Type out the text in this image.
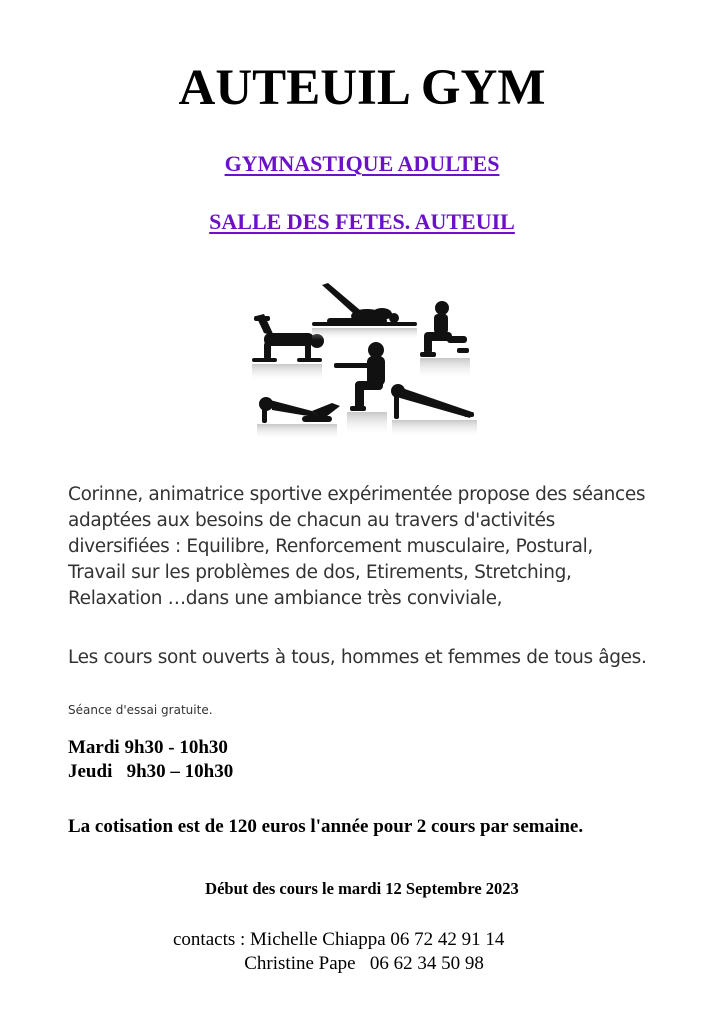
AUTEUIL GYM
GYMNASTIQUE ADULTES
SALLE DES FETES. AUTEUIL

Corinne, animatrice sportive expérimentée propose des séances adaptées aux besoins de chacun au travers d'activités diversifiées : Equilibre, Renforcement musculaire, Postural, Travail sur les problèmes de dos, Etirements, Stretching, Relaxation …dans une ambiance très conviviale,

Les cours sont ouverts à tous, hommes et femmes de tous âges.

Séance d'essai gratuite.

Mardi 9h30 - 10h30
Jeudi   9h30 – 10h30

La cotisation est de 120 euros l'année pour 2 cours par semaine.

Début des cours le mardi 12 Septembre 2023

contacts : Michelle Chiappa 06 72 42 91 14
Christine Pape   06 62 34 50 98
